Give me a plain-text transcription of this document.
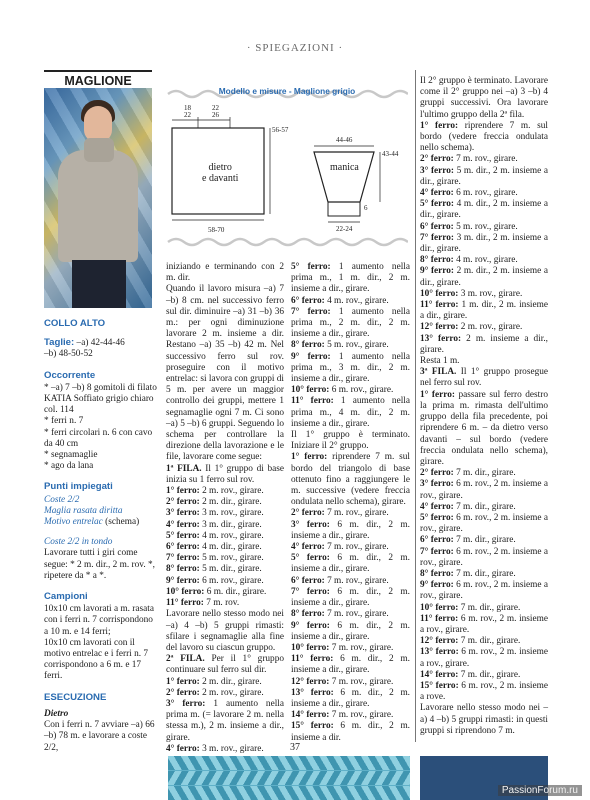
· SPIEGAZIONI ·
MAGLIONE
COLLO ALTO

Taglie: –a) 42-44-46

–b) 48-50-52

Occorrente

* –a) 7 –b) 8 gomitoli di filato KATIA Soffiato grigio chiaro col. 114

* ferri n. 7

* ferri circolari n. 6 con cavo da 40 cm

* segnamaglie

* ago da lana

Punti impiegati

Coste 2/2

Maglia rasata diritta

Motivo entrelac (schema)

Coste 2/2 in tondo

Lavorare tutti i giri come segue: * 2 m. dir., 2 m. rov. *, ripetere da * a *.

Campioni

10x10 cm lavorati a m. rasata con i ferri n. 7 corrispondono a 10 m. e 14 ferri;

10x10 cm lavorati con il motivo entrelac e i ferri n. 7 corrispondono a 6 m. e 17 ferri.

ESECUZIONE

Dietro

Con i ferri n. 7 avviare –a) 66 –b) 78 m. e lavorare a coste 2/2,

Modello e misure - Maglione grigio
18
22
22
26
56-57
58-70
dietro
e davanti
manica
44-46
43-44
6
22-24

iniziando e terminando con 2 m. dir.

Quando il lavoro misura –a) 7 –b) 8 cm. nel successivo ferro sul dir. diminuire –a) 31 –b) 36 m.: per ogni diminuzione lavorare 2 m. insieme a dir. Restano –a) 35 –b) 42 m. Nel successivo ferro sul rov. proseguire con il motivo entrelac: si lavora con gruppi di 5 m. per avere un maggior controllo dei gruppi, mettere 1 segnamaglie ogni 7 m. Ci sono –a) 5 –b) 6 gruppi. Seguendo lo schema per controllare la direzione della lavorazione e le file, lavorare come segue:

1ª FILA. Il 1° gruppo di base inizia su 1 ferro sul rov.

1° ferro: 2 m. rov., girare.

2° ferro: 2 m. dir., girare.

3° ferro: 3 m. rov., girare.

4° ferro: 3 m. dir., girare.

5° ferro: 4 m. rov., girare.

6° ferro: 4 m. dir., girare.

7° ferro: 5 m. rov., girare.

8° ferro: 5 m. dir., girare.

9° ferro: 6 m. rov., girare.

10° ferro: 6 m. dir., girare.

11° ferro: 7 m. rov.

Lavorare nello stesso modo nei –a) 4 –b) 5 gruppi rimasti: sfilare i segnamaglie alla fine del lavoro su ciascun gruppo.

2ª FILA. Per il 1° gruppo continuare sul ferro sul dir.

1° ferro: 2 m. dir., girare.

2° ferro: 2 m. rov., girare.

3° ferro: 1 aumento nella prima m. (= lavorare 2 m. nella stessa m.), 2 m. insieme a dir., girare.

4° ferro: 3 m. rov., girare.

5° ferro: 1 aumento nella prima m., 1 m. dir., 2 m. insieme a dir., girare.

6° ferro: 4 m. rov., girare.

7° ferro: 1 aumento nella prima m., 2 m. dir., 2 m. insieme a dir., girare.

8° ferro: 5 m. rov., girare.

9° ferro: 1 aumento nella prima m., 3 m. dir., 2 m. insieme a dir., girare.

10° ferro: 6 m. rov., girare.

11° ferro: 1 aumento nella prima m., 4 m. dir., 2 m. insieme a dir., girare.

Il 1° gruppo è terminato. Iniziare il 2° gruppo.

1° ferro: riprendere 7 m. sul bordo del triangolo di base ottenuto fino a raggiungere le m. successive (vedere freccia ondulata nello schema), girare.

2° ferro: 7 m. rov., girare.

3° ferro: 6 m. dir., 2 m. insieme a dir., girare.

4° ferro: 7 m. rov., girare.

5° ferro: 6 m. dir., 2 m. insieme a dir., girare.

6° ferro: 7 m. rov., girare.

7° ferro: 6 m. dir., 2 m. insieme a dir., girare.

8° ferro: 7 m. rov., girare.

9° ferro: 6 m. dir., 2 m. insieme a dir., girare.

10° ferro: 7 m. rov., girare.

11° ferro: 6 m. dir., 2 m. insieme a dir., girare.

12° ferro: 7 m. rov., girare.

13° ferro: 6 m. dir., 2 m. insieme a dir., girare.

14° ferro: 7 m. rov., girare.

15° ferro: 6 m. dir., 2 m. insieme a dir.

Il 2° gruppo è terminato. Lavorare come il 2° gruppo nei –a) 3 –b) 4 gruppi successivi. Ora lavorare l'ultimo gruppo della 2ª fila.

1° ferro: riprendere 7 m. sul bordo (vedere freccia ondulata nello schema).

2° ferro: 7 m. rov., girare.

3° ferro: 5 m. dir., 2 m. insieme a dir., girare.

4° ferro: 6 m. rov., girare.

5° ferro: 4 m. dir., 2 m. insieme a dir., girare.

6° ferro: 5 m. rov., girare.

7° ferro: 3 m. dir., 2 m. insieme a dir., girare.

8° ferro: 4 m. rov., girare.

9° ferro: 2 m. dir., 2 m. insieme a dir., girare.

10° ferro: 3 m. rov., girare.

11° ferro: 1 m. dir., 2 m. insieme a dir., girare.

12° ferro: 2 m. rov., girare.

13° ferro: 2 m. insieme a dir., girare.

Resta 1 m.

3ª FILA. Il 1° gruppo prosegue nel ferro sul rov.

1° ferro: passare sul ferro destro la prima m. rimasta dell'ultimo gruppo della fila precedente, poi riprendere 6 m. – da dietro verso davanti – sul bordo (vedere freccia ondulata nello schema), girare.

2° ferro: 7 m. dir., girare.

3° ferro: 6 m. rov., 2 m. insieme a rov., girare.

4° ferro: 7 m. dir., girare.

5° ferro: 6 m. rov., 2 m. insieme a rov., girare.

6° ferro: 7 m. dir., girare.

7° ferro: 6 m. rov., 2 m. insieme a rov., girare.

8° ferro: 7 m. dir., girare.

9° ferro: 6 m. rov., 2 m. insieme a rov., girare.

10° ferro: 7 m. dir., girare.

11° ferro: 6 m. rov., 2 m. insieme a rov., girare.

12° ferro: 7 m. dir., girare.

13° ferro: 6 m. rov., 2 m. insieme a rov., girare.

14° ferro: 7 m. dir., girare.

15° ferro: 6 m. rov., 2 m. insieme a rove.

Lavorare nello stesso modo nei –a) 4 –b) 5 gruppi rimasti: in questi gruppi si riprendono 7 m.

37
PassionForum.ru
